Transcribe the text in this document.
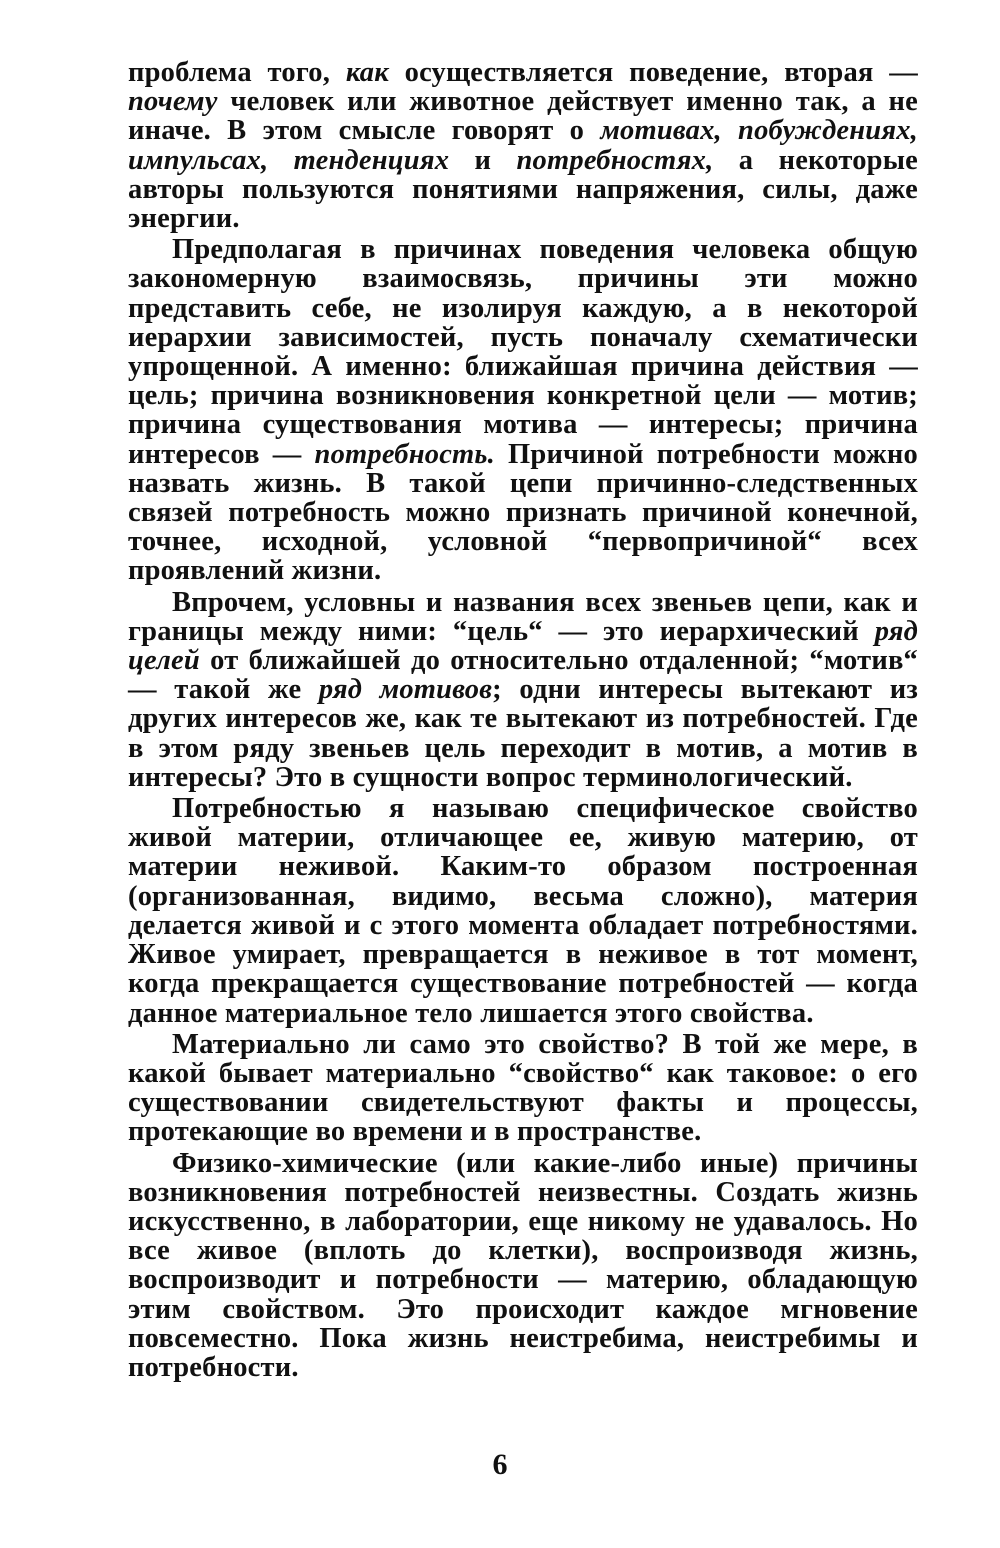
проблема того, как осуществляется поведение, вторая — почему человек или животное действует именно так, а не иначе. В этом смысле говорят о мотивах, побуждениях, импульсах, тенденциях и потребностях, а некоторые авторы пользуются понятиями напряжения, силы, даже энергии.

Предполагая в причинах поведения человека общую закономерную взаимосвязь, причины эти можно представить себе, не изолируя каждую, а в некоторой иерархии зависимостей, пусть поначалу схематически упрощенной. А именно: ближайшая причина действия — цель; причина возникновения конкретной цели — мотив; причина существования мотива — интересы; причина интересов — потребность. Причиной потребности можно назвать жизнь. В такой цепи причинно-следственных связей потребность можно признать причиной конечной, точнее, исходной, условной “первопричиной“ всех проявлений жизни.

Впрочем, условны и названия всех звеньев цепи, как и границы между ними: “цель“ — это иерархический ряд целей от ближайшей до относительно отдаленной; “мотив“ — такой же ряд мотивов; одни интересы вытекают из других интересов же, как те вытекают из потребностей. Где в этом ряду звеньев цель переходит в мотив, а мотив в интересы? Это в сущности вопрос терминологический.

Потребностью я называю специфическое свойство живой материи, отличающее ее, живую материю, от материи неживой. Каким-то образом построенная (организованная, видимо, весьма сложно), материя делается живой и с этого момента обладает потребностями. Живое умирает, превращается в неживое в тот момент, когда прекращается существование потребностей — когда данное материальное тело лишается этого свойства.

Материально ли само это свойство? В той же мере, в какой бывает материально “свойство“ как таковое: о его существовании свидетельствуют факты и процессы, протекающие во времени и в пространстве.

Физико-химические (или какие-либо иные) причины возникновения потребностей неизвестны. Создать жизнь искусственно, в лаборатории, еще никому не удавалось. Но все живое (вплоть до клетки), воспроизводя жизнь, воспроизводит и потребности — материю, обладающую этим свойством. Это происходит каждое мгновение повсеместно. Пока жизнь неистребима, неистребимы и потребности.

6
